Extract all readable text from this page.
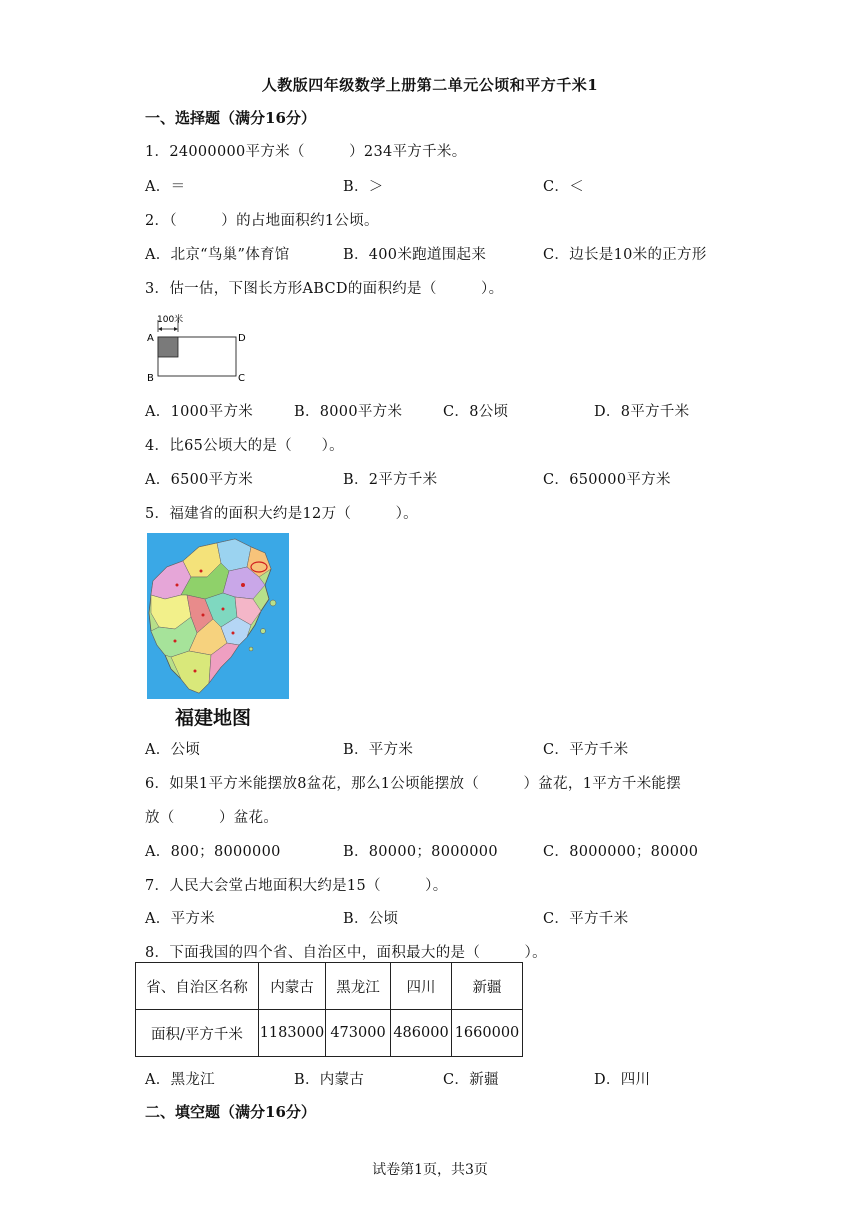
人教版四年级数学上册第二单元公顷和平方千米1
一、选择题（满分16分）
1．24000000平方米（　　　）234平方千米。
A．＝	B．＞	C．＜
2．（　　　）的占地面积约1公顷。
A．北京“鸟巢”体育馆	B．400米跑道围起来	C．边长是10米的正方形
3．估一估，下图长方形ABCD的面积约是（　　　）。
100米
A
B	C
D
A．1000平方米	B．8000平方米	C．8公顷	D．8平方千米
4．比65公顷大的是（　　）。
A．6500平方米	B．2平方千米	C．650000平方米
5．福建省的面积大约是12万（　　　）。
福建地图
A．公顷	B．平方米	C．平方千米
6．如果1平方米能摆放8盆花，那么1公顷能摆放（　　　）盆花，1平方千米能摆
放（　　　）盆花。
A．800；8000000	B．80000；8000000	C．8000000；80000
7．人民大会堂占地面积大约是15（　　　）。
A．平方米	B．公顷	C．平方千米
8．下面我国的四个省、自治区中，面积最大的是（　　　）。
省、自治区名称	内蒙古	黑龙江	四川	新疆
面积/平方千米	1183000	473000	486000	1660000
A．黑龙江	B．内蒙古	C．新疆	D．四川
二、填空题（满分16分）
试卷第1页，共3页
